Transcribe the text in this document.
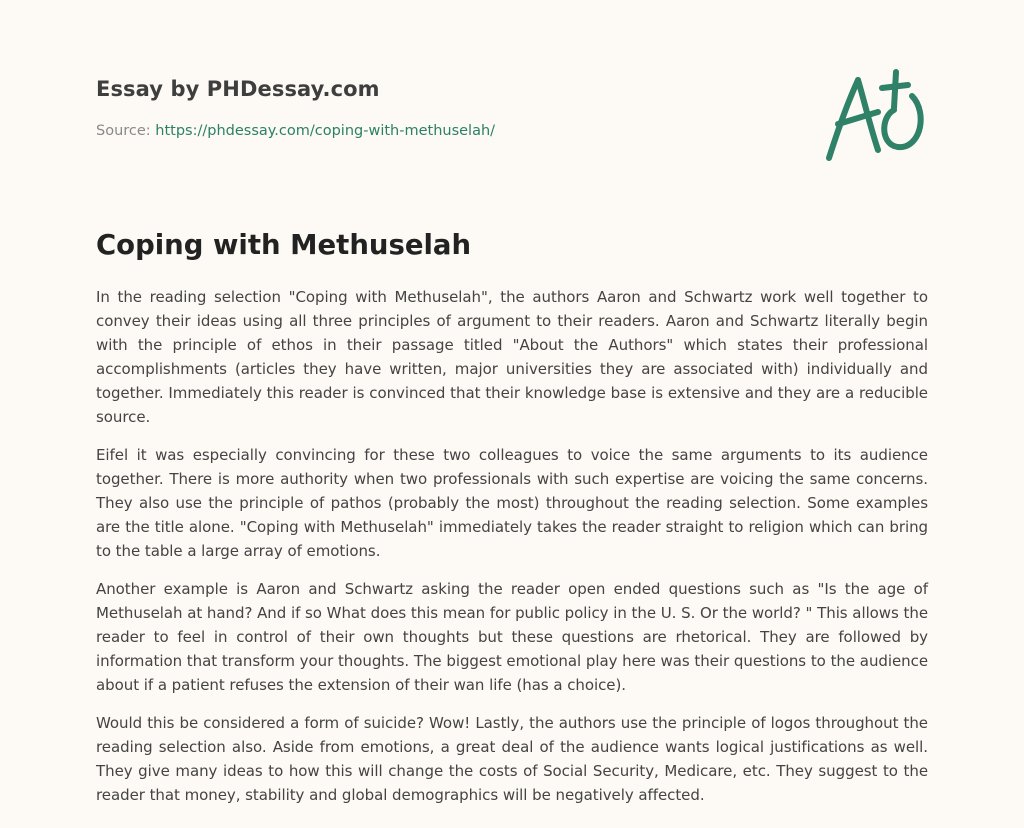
Essay by PHDessay.com
Source: https://phdessay.com/coping-with-methuselah/
Coping with Methuselah

In the reading selection "Coping with Methuselah", the authors Aaron and Schwartz work well together to convey their ideas using all three principles of argument to their readers. Aaron and Schwartz literally begin with the principle of ethos in their passage titled "About the Authors" which states their professional accomplishments (articles they have written, major universities they are associated with) individually and together. Immediately this reader is convinced that their knowledge base is extensive and they are a reducible source.

Eifel it was especially convincing for these two colleagues to voice the same arguments to its audience together. There is more authority when two professionals with such expertise are voicing the same concerns. They also use the principle of pathos (probably the most) throughout the reading selection. Some examples are the title alone. "Coping with Methuselah" immediately takes the reader straight to religion which can bring to the table a large array of emotions.

Another example is Aaron and Schwartz asking the reader open ended questions such as "Is the age of Methuselah at hand? And if so What does this mean for public policy in the U. S. Or the world? " This allows the reader to feel in control of their own thoughts but these questions are rhetorical. They are followed by information that transform your thoughts. The biggest emotional play here was their questions to the audience about if a patient refuses the extension of their wan life (has a choice).

Would this be considered a form of suicide? Wow! Lastly, the authors use the principle of logos throughout the reading selection also. Aside from emotions, a great deal of the audience wants logical justifications as well. They give many ideas to how this will change the costs of Social Security, Medicare, etc. They suggest to the reader that money, stability and global demographics will be negatively affected.
